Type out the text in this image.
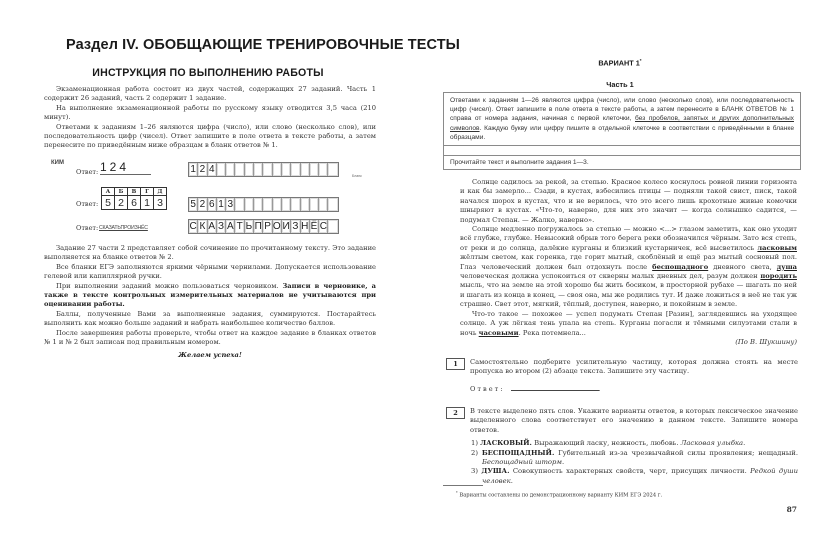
Раздел IV. ОБОБЩАЮЩИЕ ТРЕНИРОВОЧНЫЕ ТЕСТЫ
ИНСТРУКЦИЯ ПО ВЫПОЛНЕНИЮ РАБОТЫ

Экзаменационная работа состоит из двух частей, содержащих 27 заданий. Часть 1 содержит 26 заданий, часть 2 содержит 1 задание.

На выполнение экзаменационной работы по русскому языку отводится 3,5 часа (210 минут).

Ответами к заданиям 1–26 являются цифра (число), или слово (несколько слов), или последовательность цифр (чисел). Ответ запишите в поле ответа в тексте работы, а затем перенесите по приведённым ниже образцам в бланк ответов № 1.

КИМ
Бланк
Ответ: 124	1 2 4
Ответ:
А	Б	В	Г	Д
5	2	6	1	3	5 2 6 1 3
Ответ: СКАЗАТЬПРОИЗНЁС	С К А З А Т Ь П Р О И З Н Ё С

Задание 27 части 2 представляет собой сочинение по прочитанному тексту. Это задание выполняется на бланке ответов № 2.

Все бланки ЕГЭ заполняются яркими чёрными чернилами. Допускается использование гелевой или капиллярной ручки.

При выполнении заданий можно пользоваться черновиком. Записи в черновике, а также в тексте контрольных измерительных материалов не учитываются при оценивании работы.

Баллы, полученные Вами за выполненные задания, суммируются. Постарайтесь выполнить как можно больше заданий и набрать наибольшее количество баллов.

После завершения работы проверьте, чтобы ответ на каждое задание в бланках ответов № 1 и № 2 был записан под правильным номером.

Желаем успеха!

ВАРИАНТ 1*
Часть 1
Ответами к заданиям 1—26 являются цифра (число), или слово (несколько слов), или последовательность цифр (чисел). Ответ запишите в поле ответа в тексте работы, а затем перенесите в БЛАНК ОТВЕТОВ № 1 справа от номера задания, начиная с первой клеточки, без пробелов, запятых и других дополнительных символов. Каждую букву или цифру пишите в отдельной клеточке в соответствии с приведёнными в бланке образцами.
Прочитайте текст и выполните задания 1—3.

Солнце садилось за рекой, за степью. Красное колесо коснулось ровной линии горизонта и как бы замерло... Сзади, в кустах, взбесились птицы — подняли такой свист, писк, такой начался шорох в кустах, что и не верилось, что это всего лишь крохотные живые комочки шныряют в кустах. «Что-то, наверно, для них это значит — когда солнышко садится, — подумал Степан. — Жалко, наверно».

Солнце медленно погружалось за степью — можно <...> глазом заметить, как оно уходит всё глубже, глубже. Невысокий обрыв того берега реки обозначился чёрным. Зато вся степь, от реки и до солнца, далёкие курганы и близкий кустарничек, всё высветилось ласковым жёлтым светом, как горенка, где горит мытый, скоблёный и ещё раз мытый сосновый пол. Глаз человеческий должен был отдохнуть после беспощадного дневного света, душа человеческая должна успокоиться от скверны малых дневных дел, разум должен породить мысль, что на земле на этой хорошо бы жить босиком, в просторной рубахе — шагать по ней и шагать из конца в конец, — своя она, мы же родились тут. И даже ложиться в неё не так уж страшно. Свет этот, мягкий, тёплый, доступен, наверно, и покойным в земле.

Что-то такое — похожее — успел подумать Степан [Разин], заглядевшись на уходящее солнце. А уж лёгкая тень упала на степь. Курганы погасли и тёмными силуэтами стали в ночь часовыми. Река потемнела...

(По В. Шукшину)
1	Самостоятельно подберите усилительную частицу, которая должна стоять на месте пропуска во втором (2) абзаце текста. Запишите эту частицу.

Ответ:	.
2	В тексте выделено пять слов. Укажите варианты ответов, в которых лексическое значение выделенного слова соответствует его значению в данном тексте. Запишите номера ответов.

1) ЛАСКОВЫЙ. Выражающий ласку, нежность, любовь. Ласковая улыбка.

2) БЕСПОЩАДНЫЙ. Губительный из-за чрезвычайной силы проявления; нещадный. Беспощадный шторм.

3) ДУША. Совокупность характерных свойств, черт, присущих личности. Редкой души человек.

* Варианты составлены по демонстрационному варианту КИМ ЕГЭ 2024 г.
87
